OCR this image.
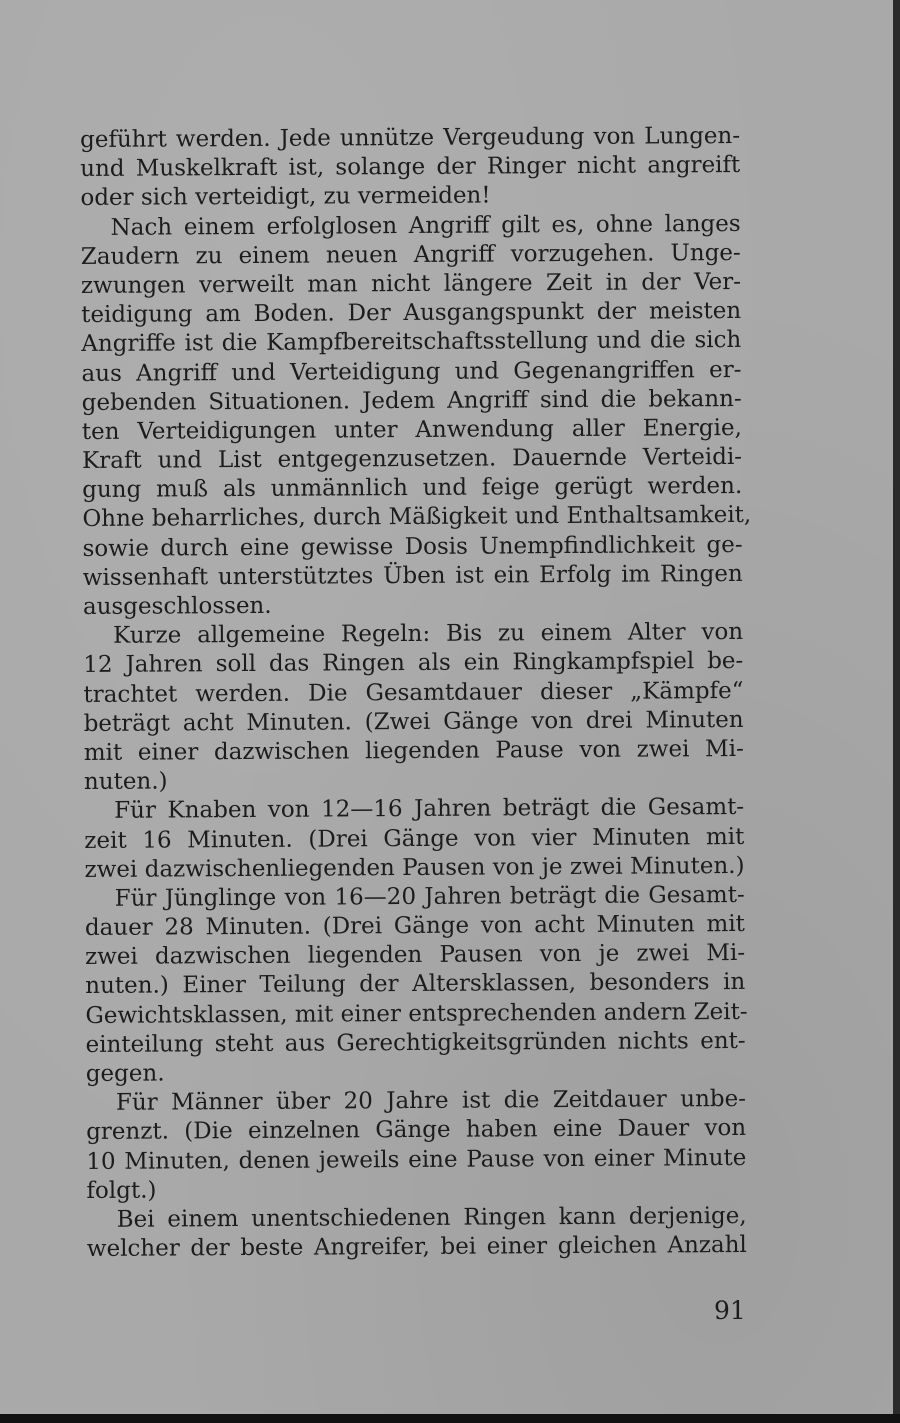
geführt werden. Jede unnütze Vergeudung von Lungen-
und Muskelkraft ist, solange der Ringer nicht angreift
oder sich verteidigt, zu vermeiden!
Nach einem erfolglosen Angriff gilt es, ohne langes
Zaudern zu einem neuen Angriff vorzugehen. Unge-
zwungen verweilt man nicht längere Zeit in der Ver-
teidigung am Boden. Der Ausgangspunkt der meisten
Angriffe ist die Kampfbereitschaftsstellung und die sich
aus Angriff und Verteidigung und Gegenangriffen er-
gebenden Situationen. Jedem Angriff sind die bekann-
ten Verteidigungen unter Anwendung aller Energie,
Kraft und List entgegenzusetzen. Dauernde Verteidi-
gung muß als unmännlich und feige gerügt werden.
Ohne beharrliches, durch Mäßigkeit und Enthaltsamkeit,
sowie durch eine gewisse Dosis Unempfindlichkeit ge-
wissenhaft unterstütztes Üben ist ein Erfolg im Ringen
ausgeschlossen.
Kurze allgemeine Regeln: Bis zu einem Alter von
12 Jahren soll das Ringen als ein Ringkampfspiel be-
trachtet werden. Die Gesamtdauer dieser „Kämpfe“
beträgt acht Minuten. (Zwei Gänge von drei Minuten
mit einer dazwischen liegenden Pause von zwei Mi-
nuten.)
Für Knaben von 12—16 Jahren beträgt die Gesamt-
zeit 16 Minuten. (Drei Gänge von vier Minuten mit
zwei dazwischenliegenden Pausen von je zwei Minuten.)
Für Jünglinge von 16—20 Jahren beträgt die Gesamt-
dauer 28 Minuten. (Drei Gänge von acht Minuten mit
zwei dazwischen liegenden Pausen von je zwei Mi-
nuten.) Einer Teilung der Altersklassen, besonders in
Gewichtsklassen, mit einer entsprechenden andern Zeit-
einteilung steht aus Gerechtigkeitsgründen nichts ent-
gegen.
Für Männer über 20 Jahre ist die Zeitdauer unbe-
grenzt. (Die einzelnen Gänge haben eine Dauer von
10 Minuten, denen jeweils eine Pause von einer Minute
folgt.)
Bei einem unentschiedenen Ringen kann derjenige,
welcher der beste Angreifer, bei einer gleichen Anzahl
91
